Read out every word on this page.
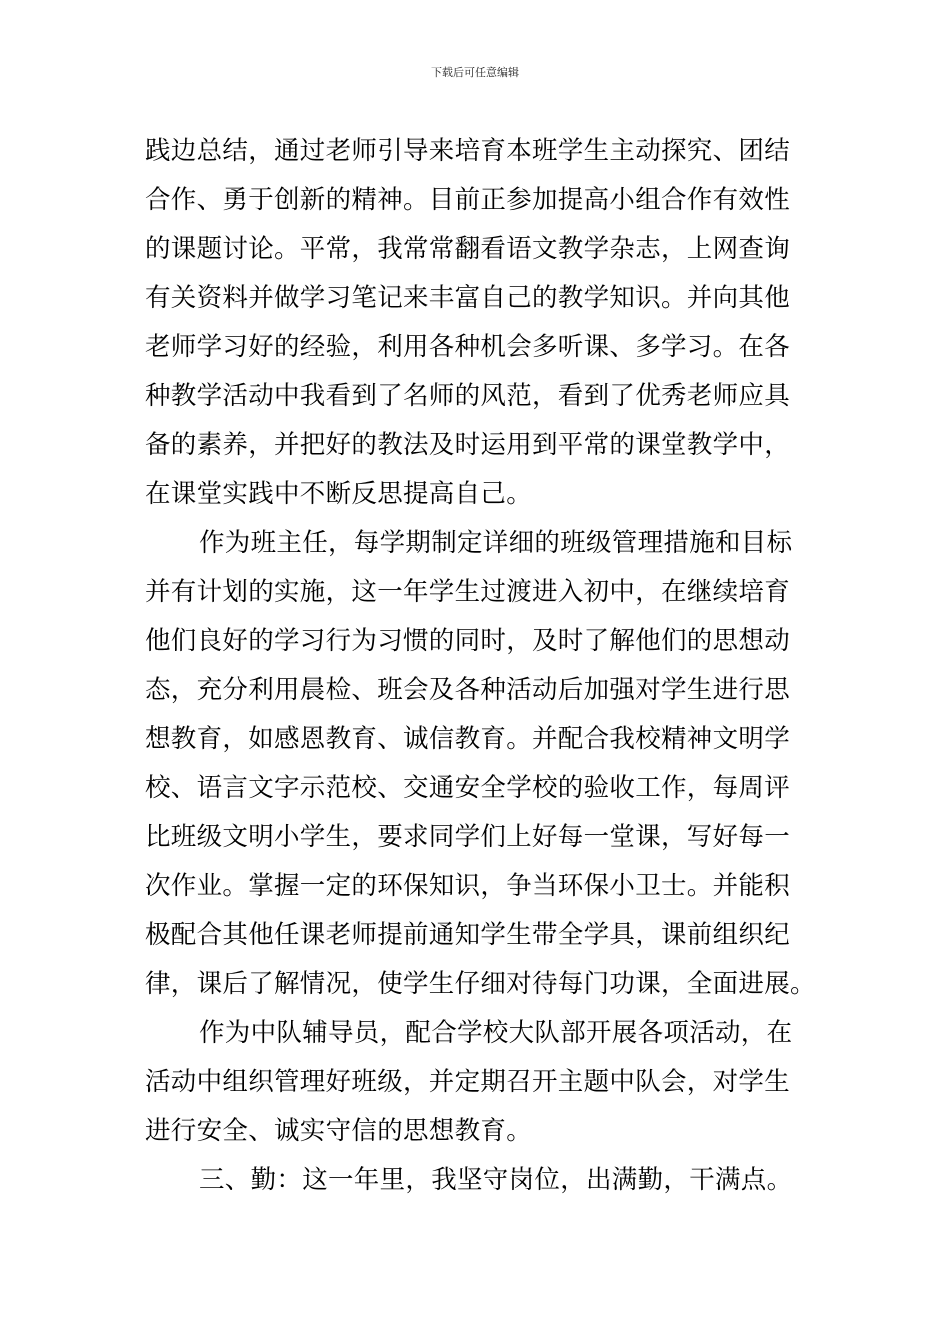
下载后可任意编辑
践边总结，通过老师引导来培育本班学生主动探究、团结
合作、勇于创新的精神。目前正参加提高小组合作有效性
的课题讨论。平常，我常常翻看语文教学杂志，上网查询
有关资料并做学习笔记来丰富自己的教学知识。并向其他
老师学习好的经验，利用各种机会多听课、多学习。在各
种教学活动中我看到了名师的风范，看到了优秀老师应具
备的素养，并把好的教法及时运用到平常的课堂教学中，
在课堂实践中不断反思提高自己。
作为班主任，每学期制定详细的班级管理措施和目标
并有计划的实施，这一年学生过渡进入初中，在继续培育
他们良好的学习行为习惯的同时，及时了解他们的思想动
态，充分利用晨检、班会及各种活动后加强对学生进行思
想教育，如感恩教育、诚信教育。并配合我校精神文明学
校、语言文字示范校、交通安全学校的验收工作，每周评
比班级文明小学生，要求同学们上好每一堂课，写好每一
次作业。掌握一定的环保知识，争当环保小卫士。并能积
极配合其他任课老师提前通知学生带全学具，课前组织纪
律，课后了解情况，使学生仔细对待每门功课，全面进展。
作为中队辅导员，配合学校大队部开展各项活动，在
活动中组织管理好班级，并定期召开主题中队会，对学生
进行安全、诚实守信的思想教育。
三、勤：这一年里，我坚守岗位，出满勤，干满点。
